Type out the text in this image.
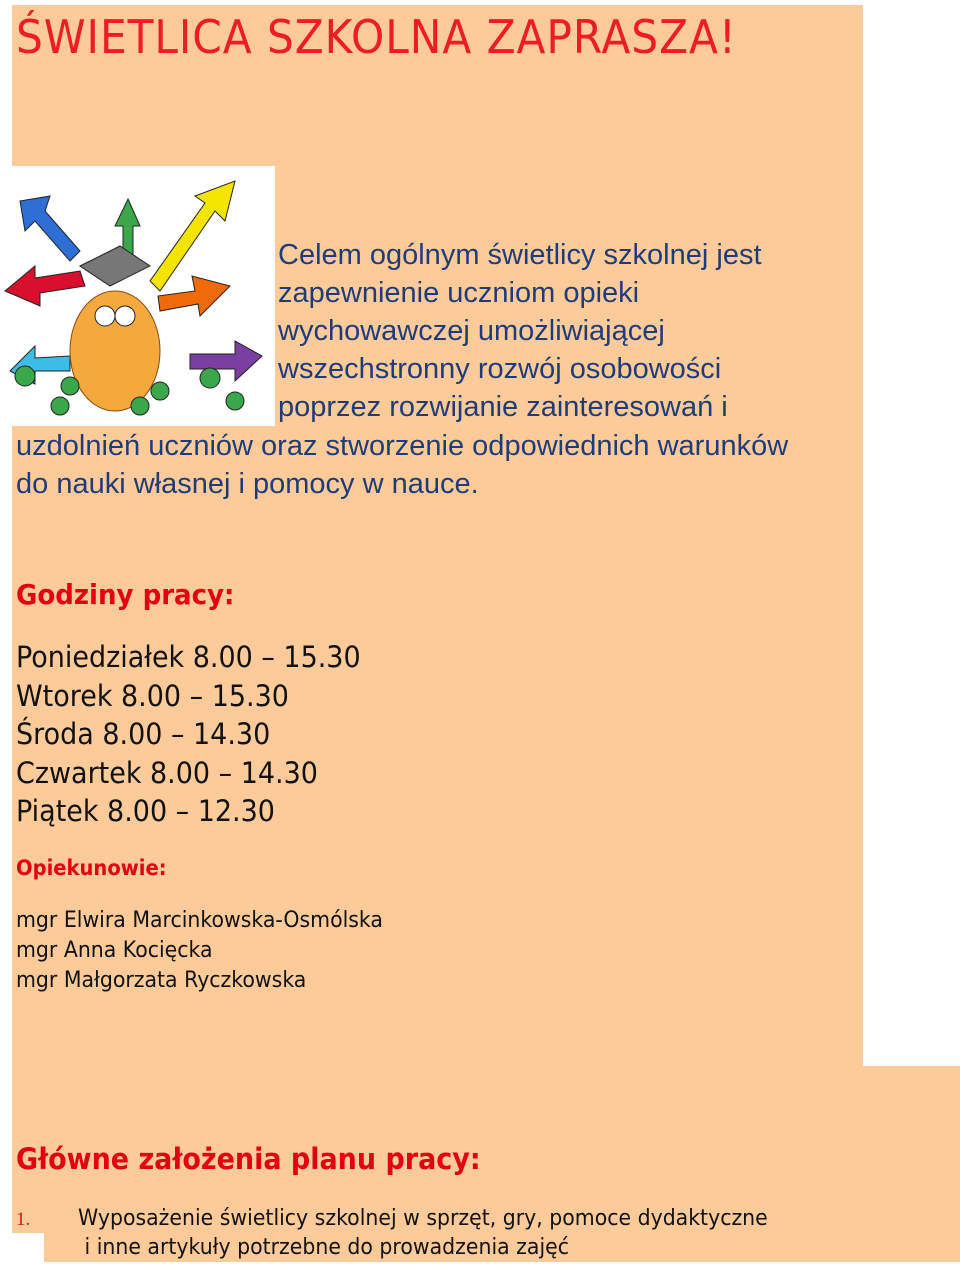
ŚWIETLICA SZKOLNA ZAPRASZA!
Celem ogólnym świetlicy szkolnej jest
zapewnienie uczniom opieki
wychowawczej umożliwiającej
wszechstronny rozwój osobowości
poprzez rozwijanie zainteresowań i
uzdolnień uczniów oraz stworzenie odpowiednich warunków
do nauki własnej i pomocy w nauce.
Godziny pracy:
Poniedziałek 8.00 – 15.30
Wtorek 8.00 – 15.30
Środa 8.00 – 14.30
Czwartek 8.00 – 14.30
Piątek 8.00 – 12.30
Opiekunowie:
mgr Elwira Marcinkowska-Osmólska
mgr Anna Kocięcka
mgr Małgorzata Ryczkowska
Główne założenia planu pracy:
1. Wyposażenie świetlicy szkolnej w sprzęt, gry, pomoce dydaktyczne
i inne artykuły potrzebne do prowadzenia zajęć
